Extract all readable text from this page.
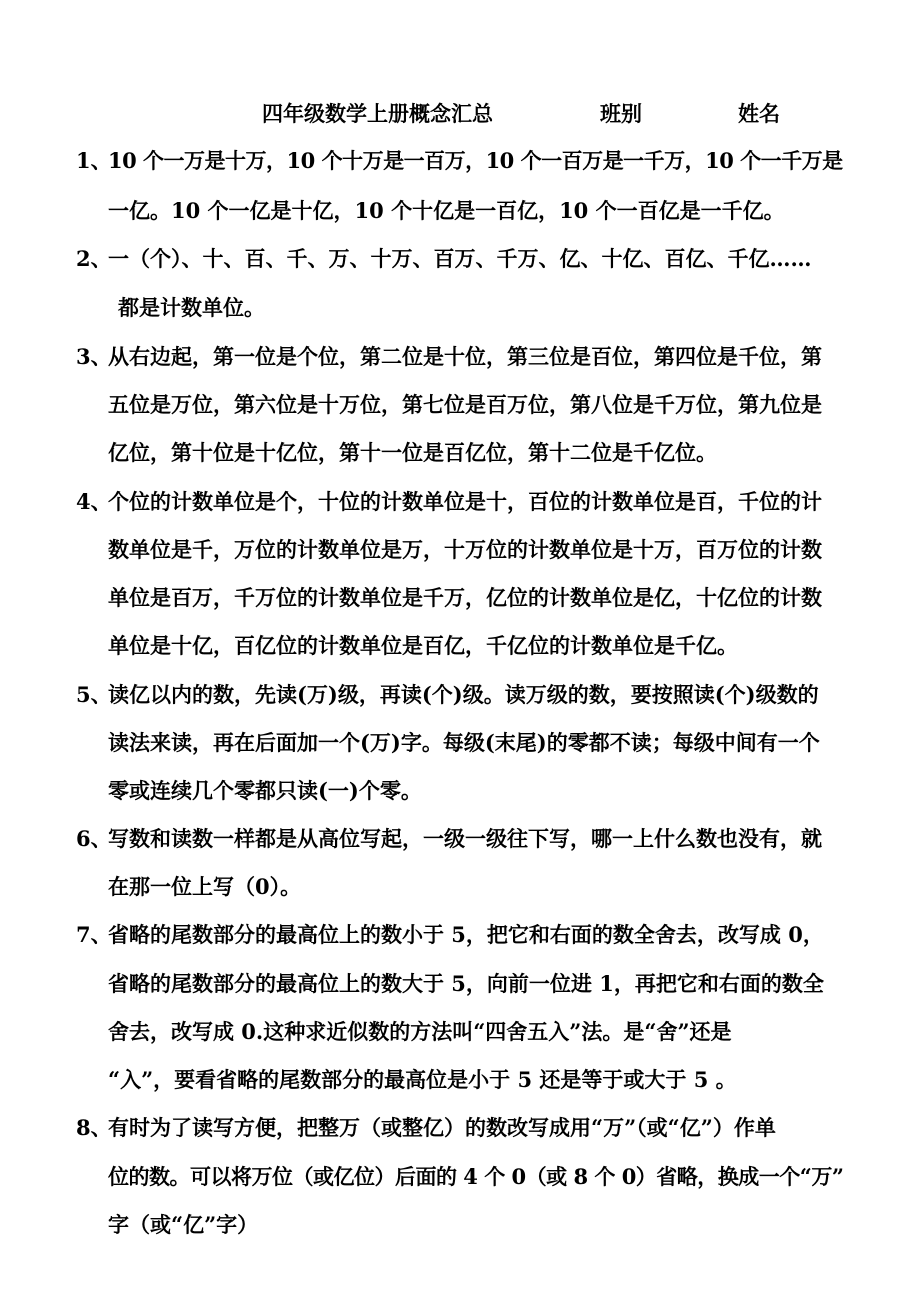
四年级数学上册概念汇总	班别	姓名
1、
10 个一万是十万，10 个十万是一百万，10 个一百万是一千万，10 个一千万是
一亿。10 个一亿是十亿，10 个十亿是一百亿，10 个一百亿是一千亿。
2、
一（个）、十、百、千、万、十万、百万、千万、亿、十亿、百亿、千亿……
都是计数单位。
3、
从右边起，第一位是个位，第二位是十位，第三位是百位，第四位是千位，第
五位是万位，第六位是十万位，第七位是百万位，第八位是千万位，第九位是
亿位，第十位是十亿位，第十一位是百亿位，第十二位是千亿位。
4、
个位的计数单位是个，十位的计数单位是十，百位的计数单位是百，千位的计
数单位是千，万位的计数单位是万，十万位的计数单位是十万，百万位的计数
单位是百万，千万位的计数单位是千万，亿位的计数单位是亿，十亿位的计数
单位是十亿，百亿位的计数单位是百亿，千亿位的计数单位是千亿。
5、
读亿以内的数，先读(万)级，再读(个)级。读万级的数，要按照读(个)级数的
读法来读，再在后面加一个(万)字。每级(末尾)的零都不读；每级中间有一个
零或连续几个零都只读(一)个零。
6、
写数和读数一样都是从高位写起，一级一级往下写，哪一上什么数也没有，就
在那一位上写（0）。
7、
省略的尾数部分的最高位上的数小于 5，把它和右面的数全舍去，改写成 0，
省略的尾数部分的最高位上的数大于 5，向前一位进 1，再把它和右面的数全
舍去，改写成 0.这种求近似数的方法叫“四舍五入”法。是“舍”还是
“入”，要看省略的尾数部分的最高位是小于 5 还是等于或大于 5 。
8、
有时为了读写方便，把整万（或整亿）的数改写成用“万”（或“亿”）作单
位的数。可以将万位（或亿位）后面的 4 个 0（或 8 个 0）省略，换成一个“万”
字（或“亿”字）
